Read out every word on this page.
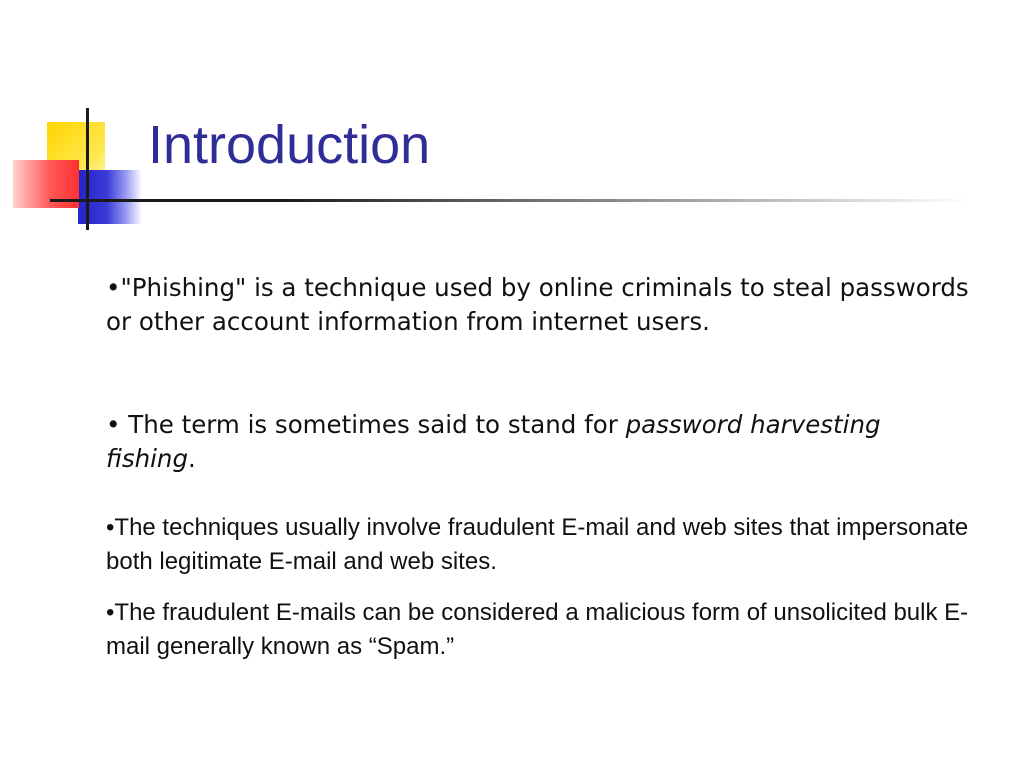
Introduction

•"Phishing" is a technique used by online criminals to steal passwords or other account information from internet users.

• The term is sometimes said to stand for password harvesting fishing.

•The techniques usually involve fraudulent E-mail and web sites that impersonate both legitimate E-mail and web sites.

•The fraudulent E-mails can be considered a malicious form of unsolicited bulk E-mail generally known as “Spam.”
